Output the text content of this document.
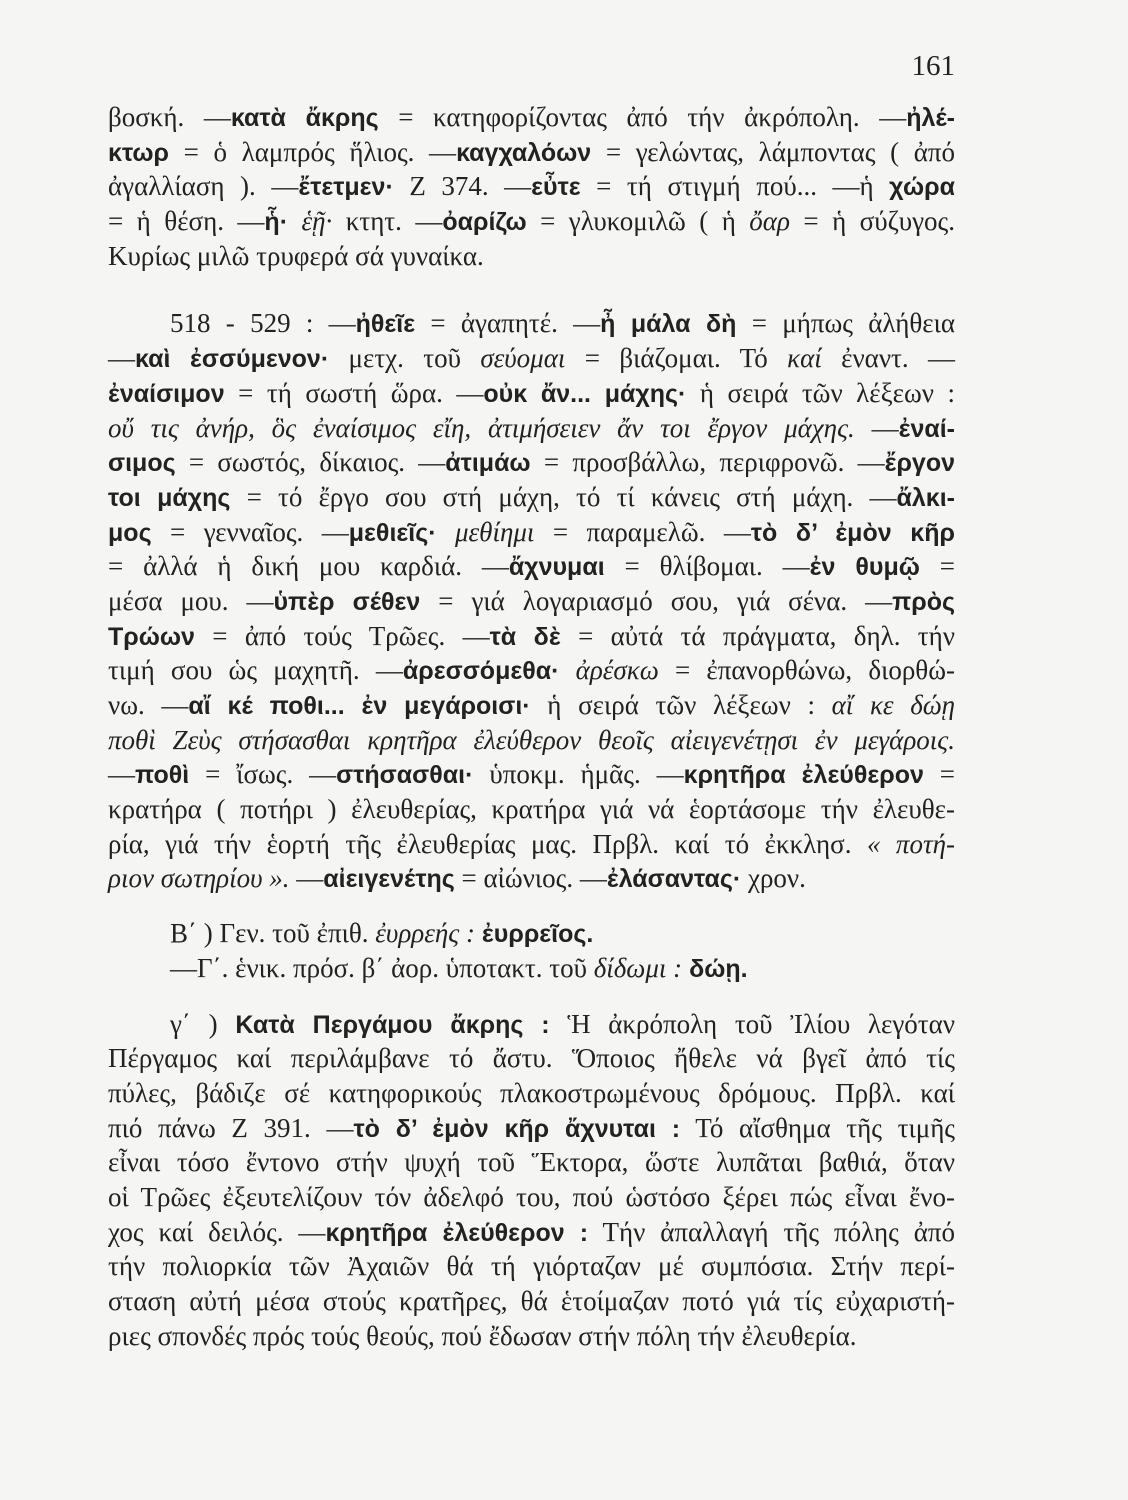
161
βοσκή. —κατὰ ἄκρης = κατηφορίζοντας ἀπό τήν ἀκρόπολη. —ἠλέ-
κτωρ = ὁ λαμπρός ἥλιος. —καγχαλόων = γελώντας, λάμποντας ( ἀπό
ἀγαλλίαση ). —ἔτετμεν· Ζ 374. —εὖτε = τή στιγμή πού... —ἡ χώρα
= ἡ θέση. —ἧ· ἑῇ· κτητ. —ὀαρίζω = γλυκομιλῶ ( ἡ ὄαρ = ἡ σύζυγος.
Κυρίως μιλῶ τρυφερά σά γυναίκα.
518 - 529 : —ἠθεῖε = ἀγαπητέ. —ἦ μάλα δὴ = μήπως ἀλήθεια
—καὶ ἐσσύμενον· μετχ. τοῦ σεύομαι = βιάζομαι. Τό καί ἐναντ. —
ἐναίσιμον = τή σωστή ὥρα. —οὐκ ἄν... μάχης· ἡ σειρά τῶν λέξεων :
οὔ τις ἀνήρ, ὃς ἐναίσιμος εἴη, ἀτιμήσειεν ἄν τοι ἔργον μάχης. —ἐναί-
σιμος = σωστός, δίκαιος. —ἀτιμάω = προσβάλλω, περιφρονῶ. —ἔργον
τοι μάχης = τό ἔργο σου στή μάχη, τό τί κάνεις στή μάχη. —ἄλκι-
μος = γενναῖος. —μεθιεῖς· μεθίημι = παραμελῶ. —τὸ δ’ ἐμὸν κῆρ
= ἀλλά ἡ δική μου καρδιά. —ἄχνυμαι = θλίβομαι. —ἐν θυμῷ =
μέσα μου. —ὑπὲρ σέθεν = γιά λογαριασμό σου, γιά σένα. —πρὸς
Τρώων = ἀπό τούς Τρῶες. —τὰ δὲ = αὐτά τά πράγματα, δηλ. τήν
τιμή σου ὡς μαχητῆ. —ἀρεσσόμεθα· ἀρέσκω = ἐπανορθώνω, διορθώ-
νω. —αἴ κέ ποθι... ἐν μεγάροισι· ἡ σειρά τῶν λέξεων : αἴ κε δώῃ
ποθὶ Ζεὺς στήσασθαι κρητῆρα ἐλεύθερον θεοῖς αἰειγενέτῃσι ἐν μεγάροις.
—ποθὶ = ἴσως. —στήσασθαι· ὑποκμ. ἡμᾶς. —κρητῆρα ἐλεύθερον =
κρατήρα ( ποτήρι ) ἐλευθερίας, κρατήρα γιά νά ἑορτάσομε τήν ἐλευθε-
ρία, γιά τήν ἑορτή τῆς ἐλευθερίας μας. Πρβλ. καί τό ἐκκλησ. « ποτή-
ριον σωτηρίου ». —αἰειγενέτης = αἰώνιος. —ἐλάσαντας· χρον.
Β΄ ) Γεν. τοῦ ἐπιθ. ἐυρρεής : ἐυρρεῖος.
—Γ΄. ἑνικ. πρόσ. β΄ ἀορ. ὑποτακτ. τοῦ δίδωμι : δώῃ.
γ΄ ) Κατὰ Περγάμου ἄκρης : Ἡ ἀκρόπολη τοῦ Ἰλίου λεγόταν
Πέργαμος καί περιλάμβανε τό ἄστυ. Ὅποιος ἤθελε νά βγεῖ ἀπό τίς
πύλες, βάδιζε σέ κατηφορικούς πλακοστρωμένους δρόμους. Πρβλ. καί
πιό πάνω Ζ 391. —τὸ δ’ ἐμὸν κῆρ ἄχνυται : Τό αἴσθημα τῆς τιμῆς
εἶναι τόσο ἔντονο στήν ψυχή τοῦ Ἕκτορα, ὥστε λυπᾶται βαθιά, ὅταν
οἱ Τρῶες ἐξευτελίζουν τόν ἀδελφό του, πού ὡστόσο ξέρει πώς εἶναι ἔνο-
χος καί δειλός. —κρητῆρα ἐλεύθερον : Τήν ἀπαλλαγή τῆς πόλης ἀπό
τήν πολιορκία τῶν Ἀχαιῶν θά τή γιόρταζαν μέ συμπόσια. Στήν περί-
σταση αὐτή μέσα στούς κρατῆρες, θά ἑτοίμαζαν ποτό γιά τίς εὐχαριστή-
ριες σπονδές πρός τούς θεούς, πού ἔδωσαν στήν πόλη τήν ἐλευθερία.
